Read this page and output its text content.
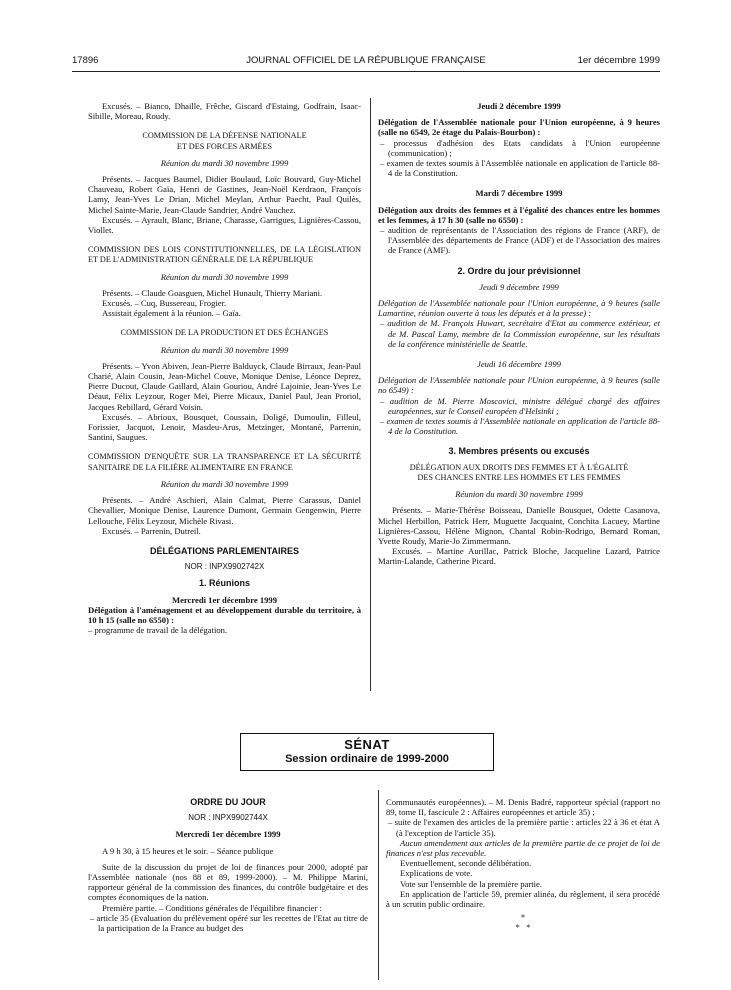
17896	JOURNAL OFFICIEL DE LA RÉPUBLIQUE FRANÇAISE	1er décembre 1999

Excusés. – Bianco, Dhaille, Frêche, Giscard d'Estaing, Godfrain, Isaac-Sibille, Moreau, Roudy.

COMMISSION DE LA DÉFENSE NATIONALE

ET DES FORCES ARMÉES

Réunion du mardi 30 novembre 1999

Présents. – Jacques Baumel, Didier Boulaud, Loïc Bouvard, Guy-Michel Chauveau, Robert Gaïa, Henri de Gastines, Jean-Noël Kerdraon, François Lamy, Jean-Yves Le Drian, Michel Meylan, Arthur Paecht, Paul Quilès, Michel Sainte-Marie, Jean-Claude Sandrier, André Vauchez.

Excusés. – Ayrault, Blanc, Briane, Charasse, Garrigues, Lignières-Cassou, Viollet.

COMMISSION DES LOIS CONSTITUTIONNELLES, DE LA LÉGISLATION ET DE L'ADMINISTRATION GÉNÉRALE DE LA RÉPUBLIQUE

Réunion du mardi 30 novembre 1999

Présents. – Claude Goasguen, Michel Hunault, Thierry Mariani.

Excusés. – Cuq, Bussereau, Frogier.

Assistait également à la réunion. – Gaïa.

COMMISSION DE LA PRODUCTION ET DES ÉCHANGES

Réunion du mardi 30 novembre 1999

Présents. – Yvon Abiven, Jean-Pierre Balduyck, Claude Birraux, Jean-Paul Charié, Alain Cousin, Jean-Michel Couve, Monique Denise, Léonce Deprez, Pierre Ducout, Claude Gaillard, Alain Gouriou, André Lajoinie, Jean-Yves Le Déaut, Félix Leyzour, Roger Meï, Pierre Micaux, Daniel Paul, Jean Proriol, Jacques Rebillard, Gérard Voisin.

Excusés. – Abrioux, Bousquet, Coussain, Doligé, Dumoulin, Filleul, Forissier, Jacquot, Lenoir, Masdeu-Arus, Metzinger, Montané, Parrenin, Santini, Saugues.

COMMISSION D'ENQUÊTE SUR LA TRANSPARENCE ET LA SÉCURITÉ SANITAIRE DE LA FILIÈRE ALIMENTAIRE EN FRANCE

Réunion du mardi 30 novembre 1999

Présents. – André Aschieri, Alain Calmat, Pierre Carassus, Daniel Chevallier, Monique Denise, Laurence Dumont, Germain Gengenwin, Pierre Lellouche, Félix Leyzour, Michèle Rivasi.

Excusés. – Parrenin, Dutreil.

DÉLÉGATIONS PARLEMENTAIRES

NOR : INPX9902742X

1. Réunions

Mercredi 1er décembre 1999

Délégation à l'aménagement et au développement durable du territoire, à 10 h 15 (salle no 6550) :

– programme de travail de la délégation.

Jeudi 2 décembre 1999

Délégation de l'Assemblée nationale pour l'Union européenne, à 9 heures (salle no 6549, 2e étage du Palais-Bourbon) :

– processus d'adhésion des Etats candidats à l'Union européenne (communication) ;

– examen de textes soumis à l'Assemblée nationale en application de l'article 88-4 de la Constitution.

Mardi 7 décembre 1999

Délégation aux droits des femmes et à l'égalité des chances entre les hommes et les femmes, à 17 h 30 (salle no 6550) :

– audition de représentants de l'Association des régions de France (ARF), de l'Assemblée des départements de France (ADF) et de l'Association des maires de France (AMF).

2. Ordre du jour prévisionnel

Jeudi 9 décembre 1999

Délégation de l'Assemblée nationale pour l'Union européenne, à 9 heures (salle Lamartine, réunion ouverte à tous les députés et à la presse) :

– audition de M. François Huwart, secrétaire d'Etat au commerce extérieur, et de M. Pascal Lamy, membre de la Commission européenne, sur les résultats de la conférence ministérielle de Seattle.

Jeudi 16 décembre 1999

Délégation de l'Assemblée nationale pour l'Union européenne, à 9 heures (salle no 6549) :

– audition de M. Pierre Moscovici, ministre délégué chargé des affaires européennes, sur le Conseil européen d'Helsinki ;

– examen de textes soumis à l'Assemblée nationale en application de l'article 88-4 de la Constitution.

3. Membres présents ou excusés

DÉLÉGATION AUX DROITS DES FEMMES ET À L'ÉGALITÉ

DES CHANCES ENTRE LES HOMMES ET LES FEMMES

Réunion du mardi 30 novembre 1999

Présents. – Marie-Thérèse Boisseau, Danielle Bousquet, Odette Casanova, Michel Herbillon, Patrick Herr, Muguette Jacquaint, Conchita Lacuey, Martine Lignières-Cassou, Hélène Mignon, Chantal Robin-Rodrigo, Bernard Roman, Yvette Roudy, Marie-Jo Zimmermann.

Excusés. – Martine Aurillac, Patrick Bloche, Jacqueline Lazard, Patrice Martin-Lalande, Catherine Picard.

SÉNAT
Session ordinaire de 1999-2000

ORDRE DU JOUR

NOR : INPX9902744X

Mercredi 1er décembre 1999

A 9 h 30, à 15 heures et le soir. – Séance publique

Suite de la discussion du projet de loi de finances pour 2000, adopté par l'Assemblée nationale (nos 88 et 89, 1999-2000). – M. Philippe Marini, rapporteur général de la commission des finances, du contrôle budgétaire et des comptes économiques de la nation.

Première partie. – Conditions générales de l'équilibre financier :

– article 35 (Evaluation du prélèvement opéré sur les recettes de l'Etat au titre de la participation de la France au budget des

Communautés européennes). – M. Denis Badré, rapporteur spécial (rapport no 89, tome II, fascicule 2 : Affaires européennes et article 35) ;

– suite de l'examen des articles de la première partie : articles 22 à 36 et état A (à l'exception de l'article 35).

Aucun amendement aux articles de la première partie de ce projet de loi de finances n'est plus recevable.

Eventuellement, seconde délibération.

Explications de vote.

Vote sur l'ensemble de la première partie.

En application de l'article 59, premier alinéa, du règlement, il sera procédé à un scrutin public ordinaire.

*

*   *
